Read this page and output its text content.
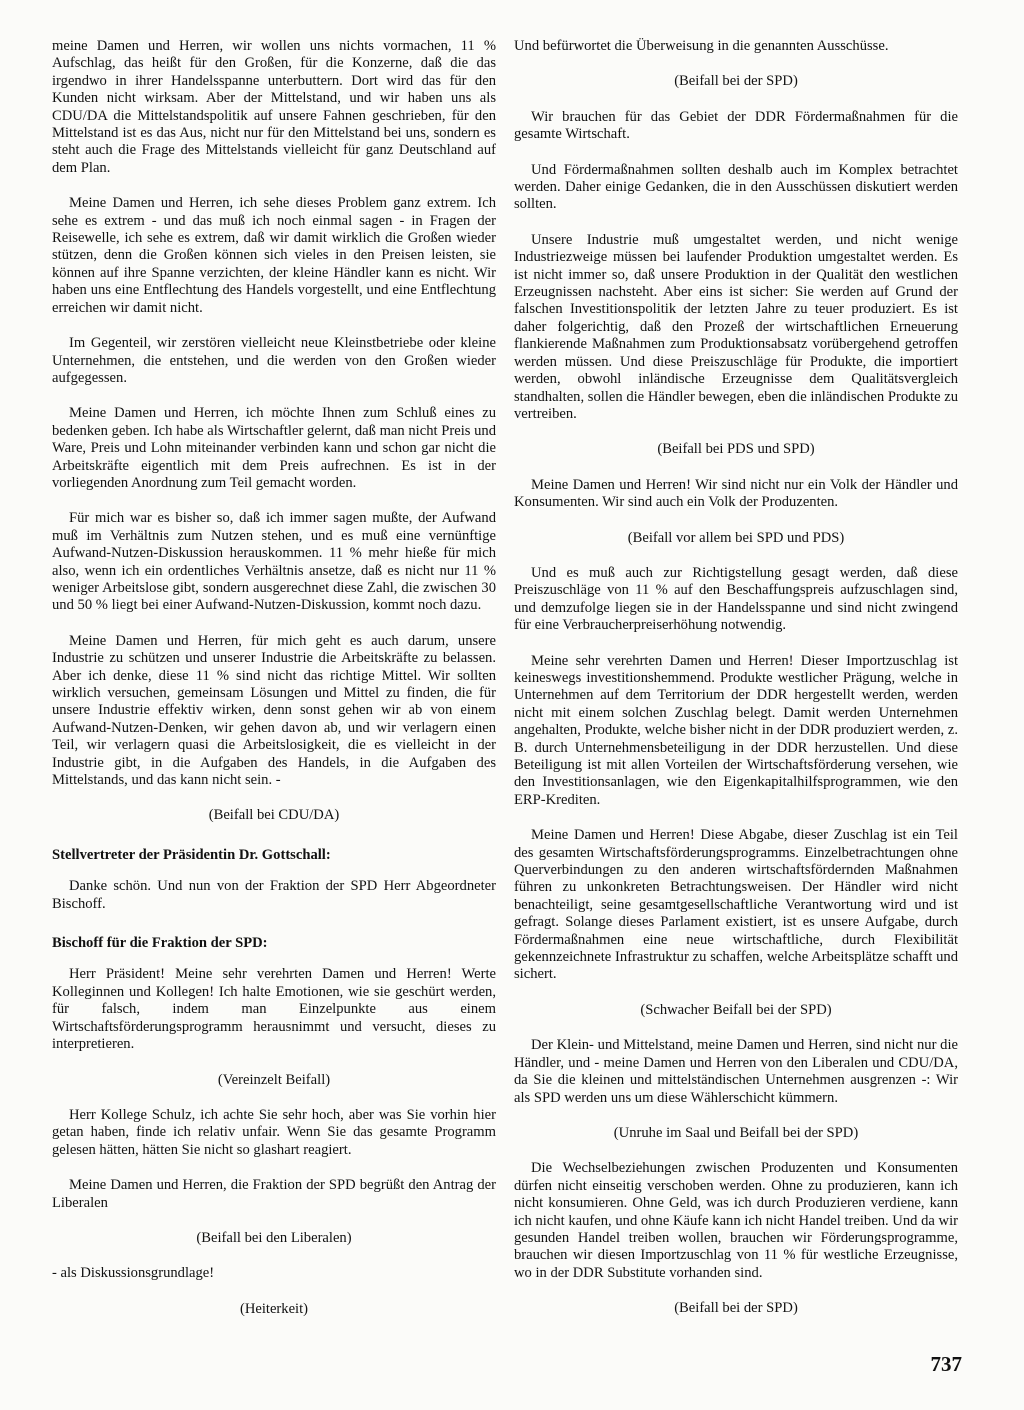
meine Damen und Herren, wir wollen uns nichts vormachen, 11 % Aufschlag, das heißt für den Großen, für die Konzerne, daß die das irgendwo in ihrer Handelsspanne unterbuttern. Dort wird das für den Kunden nicht wirksam. Aber der Mittelstand, und wir haben uns als CDU/DA die Mittelstandspolitik auf unsere Fahnen geschrieben, für den Mittelstand ist es das Aus, nicht nur für den Mittelstand bei uns, sondern es steht auch die Frage des Mittelstands vielleicht für ganz Deutschland auf dem Plan.

Meine Damen und Herren, ich sehe dieses Problem ganz extrem. Ich sehe es extrem - und das muß ich noch einmal sagen - in Fragen der Reisewelle, ich sehe es extrem, daß wir damit wirklich die Großen wieder stützen, denn die Großen können sich vieles in den Preisen leisten, sie können auf ihre Spanne verzichten, der kleine Händler kann es nicht. Wir haben uns eine Entflechtung des Handels vorgestellt, und eine Entflechtung erreichen wir damit nicht.

Im Gegenteil, wir zerstören vielleicht neue Kleinstbetriebe oder kleine Unternehmen, die entstehen, und die werden von den Großen wieder aufgegessen.

Meine Damen und Herren, ich möchte Ihnen zum Schluß eines zu bedenken geben. Ich habe als Wirtschaftler gelernt, daß man nicht Preis und Ware, Preis und Lohn miteinander verbinden kann und schon gar nicht die Arbeitskräfte eigentlich mit dem Preis aufrechnen. Es ist in der vorliegenden Anordnung zum Teil gemacht worden.

Für mich war es bisher so, daß ich immer sagen mußte, der Aufwand muß im Verhältnis zum Nutzen stehen, und es muß eine vernünftige Aufwand-Nutzen-Diskussion herauskommen. 11 % mehr hieße für mich also, wenn ich ein ordentliches Verhältnis ansetze, daß es nicht nur 11 % weniger Arbeitslose gibt, sondern ausgerechnet diese Zahl, die zwischen 30 und 50 % liegt bei einer Aufwand-Nutzen-Diskussion, kommt noch dazu.

Meine Damen und Herren, für mich geht es auch darum, unsere Industrie zu schützen und unserer Industrie die Arbeitskräfte zu belassen. Aber ich denke, diese 11 % sind nicht das richtige Mittel. Wir sollten wirklich versuchen, gemeinsam Lösungen und Mittel zu finden, die für unsere Industrie effektiv wirken, denn sonst gehen wir ab von einem Aufwand-Nutzen-Denken, wir gehen davon ab, und wir verlagern einen Teil, wir verlagern quasi die Arbeitslosigkeit, die es vielleicht in der Industrie gibt, in die Aufgaben des Handels, in die Aufgaben des Mittelstands, und das kann nicht sein. -

(Beifall bei CDU/DA)

Stellvertreter der Präsidentin Dr. Gottschall:

Danke schön. Und nun von der Fraktion der SPD Herr Abgeordneter Bischoff.

Bischoff für die Fraktion der SPD:

Herr Präsident! Meine sehr verehrten Damen und Herren! Werte Kolleginnen und Kollegen! Ich halte Emotionen, wie sie geschürt werden, für falsch, indem man Einzelpunkte aus einem Wirtschaftsförderungsprogramm herausnimmt und versucht, dieses zu interpretieren.

(Vereinzelt Beifall)

Herr Kollege Schulz, ich achte Sie sehr hoch, aber was Sie vorhin hier getan haben, finde ich relativ unfair. Wenn Sie das gesamte Programm gelesen hätten, hätten Sie nicht so glashart reagiert.

Meine Damen und Herren, die Fraktion der SPD begrüßt den Antrag der Liberalen

(Beifall bei den Liberalen)

- als Diskussionsgrundlage!

(Heiterkeit)

Und befürwortet die Überweisung in die genannten Ausschüsse.

(Beifall bei der SPD)

Wir brauchen für das Gebiet der DDR Fördermaßnahmen für die gesamte Wirtschaft.

Und Fördermaßnahmen sollten deshalb auch im Komplex betrachtet werden. Daher einige Gedanken, die in den Ausschüssen diskutiert werden sollten.

Unsere Industrie muß umgestaltet werden, und nicht wenige Industriezweige müssen bei laufender Produktion umgestaltet werden. Es ist nicht immer so, daß unsere Produktion in der Qualität den westlichen Erzeugnissen nachsteht. Aber eins ist sicher: Sie werden auf Grund der falschen Investitionspolitik der letzten Jahre zu teuer produziert. Es ist daher folgerichtig, daß den Prozeß der wirtschaftlichen Erneuerung flankierende Maßnahmen zum Produktionsabsatz vorübergehend getroffen werden müssen. Und diese Preiszuschläge für Produkte, die importiert werden, obwohl inländische Erzeugnisse dem Qualitätsvergleich standhalten, sollen die Händler bewegen, eben die inländischen Produkte zu vertreiben.

(Beifall bei PDS und SPD)

Meine Damen und Herren! Wir sind nicht nur ein Volk der Händler und Konsumenten. Wir sind auch ein Volk der Produzenten.

(Beifall vor allem bei SPD und PDS)

Und es muß auch zur Richtigstellung gesagt werden, daß diese Preiszuschläge von 11 % auf den Beschaffungspreis aufzuschlagen sind, und demzufolge liegen sie in der Handelsspanne und sind nicht zwingend für eine Verbraucherpreiserhöhung notwendig.

Meine sehr verehrten Damen und Herren! Dieser Importzuschlag ist keineswegs investitionshemmend. Produkte westlicher Prägung, welche in Unternehmen auf dem Territorium der DDR hergestellt werden, werden nicht mit einem solchen Zuschlag belegt. Damit werden Unternehmen angehalten, Produkte, welche bisher nicht in der DDR produziert werden, z. B. durch Unternehmensbeteiligung in der DDR herzustellen. Und diese Beteiligung ist mit allen Vorteilen der Wirtschaftsförderung versehen, wie den Investitionsanlagen, wie den Eigenkapitalhilfsprogrammen, wie den ERP-Krediten.

Meine Damen und Herren! Diese Abgabe, dieser Zuschlag ist ein Teil des gesamten Wirtschaftsförderungsprogramms. Einzelbetrachtungen ohne Querverbindungen zu den anderen wirtschaftsfördernden Maßnahmen führen zu unkonkreten Betrachtungsweisen. Der Händler wird nicht benachteiligt, seine gesamtgesellschaftliche Verantwortung wird und ist gefragt. Solange dieses Parlament existiert, ist es unsere Aufgabe, durch Fördermaßnahmen eine neue wirtschaftliche, durch Flexibilität gekennzeichnete Infrastruktur zu schaffen, welche Arbeitsplätze schafft und sichert.

(Schwacher Beifall bei der SPD)

Der Klein- und Mittelstand, meine Damen und Herren, sind nicht nur die Händler, und - meine Damen und Herren von den Liberalen und CDU/DA, da Sie die kleinen und mittelständischen Unternehmen ausgrenzen -: Wir als SPD werden uns um diese Wählerschicht kümmern.

(Unruhe im Saal und Beifall bei der SPD)

Die Wechselbeziehungen zwischen Produzenten und Konsumenten dürfen nicht einseitig verschoben werden. Ohne zu produzieren, kann ich nicht konsumieren. Ohne Geld, was ich durch Produzieren verdiene, kann ich nicht kaufen, und ohne Käufe kann ich nicht Handel treiben. Und da wir gesunden Handel treiben wollen, brauchen wir Förderungsprogramme, brauchen wir diesen Importzuschlag von 11 % für westliche Erzeugnisse, wo in der DDR Substitute vorhanden sind.

(Beifall bei der SPD)

737
